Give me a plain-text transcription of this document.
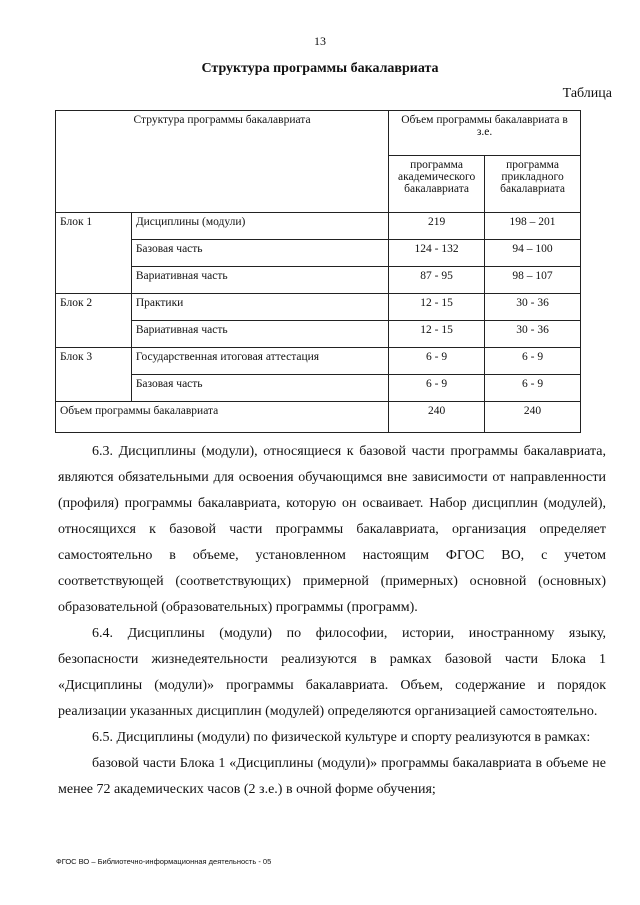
13
Структура программы бакалавриата
Таблица
Структура программы бакалавриата		Объем программы бакалавриата в з.е.	
		программа академического бакалавриата	программа прикладного бакалавриата
Блок 1	Дисциплины (модули)	219	198 – 201
	Базовая часть	124 - 132	94 – 100
	Вариативная часть	87 - 95	98 – 107
Блок 2	Практики	12 - 15	30 - 36
	Вариативная часть	12 - 15	30 - 36
Блок 3	Государственная итоговая аттестация	6 - 9	6 - 9
	Базовая часть	6 - 9	6 - 9
Объем программы бакалавриата		240	240

6.3. Дисциплины (модули), относящиеся к базовой части программы бакалавриата, являются обязательными для освоения обучающимся вне зависимости от направленности (профиля) программы бакалавриата, которую он осваивает. Набор дисциплин (модулей), относящихся к базовой части программы бакалавриата, организация определяет самостоятельно в объеме, установленном настоящим ФГОС ВО, с учетом соответствующей (соответствующих) примерной (примерных) основной (основных) образовательной (образовательных) программы (программ).

6.4. Дисциплины (модули) по философии, истории, иностранному языку, безопасности жизнедеятельности реализуются в рамках базовой части Блока 1 «Дисциплины (модули)» программы бакалавриата. Объем, содержание и порядок реализации указанных дисциплин (модулей) определяются организацией самостоятельно.

6.5. Дисциплины (модули) по физической культуре и спорту реализуются в рамках:

базовой части Блока 1 «Дисциплины (модули)» программы бакалавриата в объеме не менее 72 академических часов (2 з.е.) в очной форме обучения;

ФГОС ВО – Библиотечно-информационная деятельность - 05
